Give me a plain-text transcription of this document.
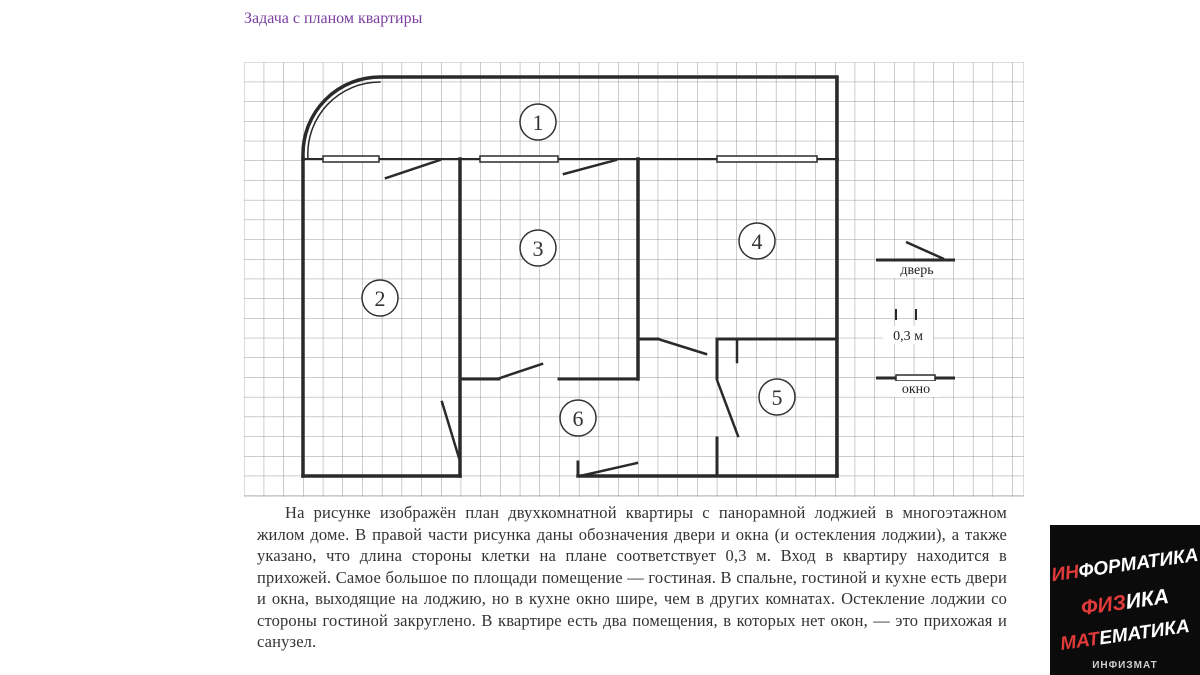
Задача с планом квартиры
1
2
3	4
5
6
дверь
0,3 м
окно

На рисунке изображён план двухкомнатной квартиры с панорамной лоджией в многоэтажном жилом доме. В правой части рисунка даны обозначения двери и окна (и остекления лоджии), а также указано, что длина стороны клетки на плане соответствует 0,3 м. Вход в квартиру находится в прихожей. Самое большое по площади помещение — гостиная. В спальне, гостиной и кухне есть двери и окна, выходящие на лоджию, но в кухне окно шире, чем в других комнатах. Остекление лоджии со стороны гостиной закруглено. В квартире есть два помещения, в которых нет окон, — это прихожая и санузел.

ИНФОРМАТИКА
ФИЗИКА
МАТЕМАТИКА
ИНФИЗМАТ
